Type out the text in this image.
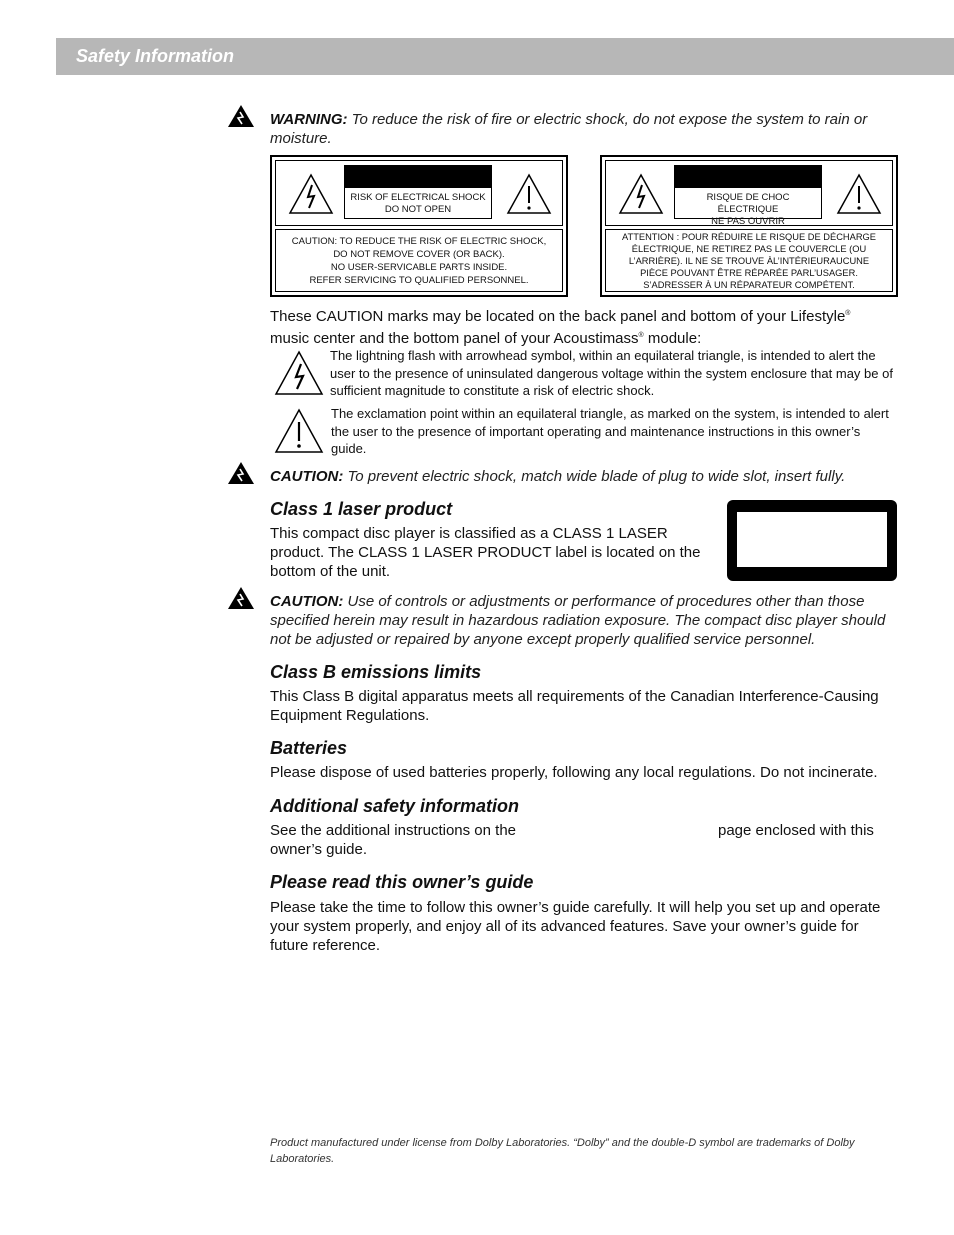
Safety Information
WARNING: To reduce the risk of fire or electric shock, do not expose the system to rain or moisture.
RISK OF ELECTRICAL SHOCK
DO NOT OPEN
CAUTION: TO REDUCE THE RISK OF ELECTRIC SHOCK,
DO NOT REMOVE COVER (OR BACK).
NO USER-SERVICABLE PARTS INSIDE.
REFER SERVICING TO QUALIFIED PERSONNEL.
RISQUE DE CHOC ÉLECTRIQUE
NE PAS OUVRIR
ATTENTION : POUR RÉDUIRE LE RISQUE DE DÉCHARGE
ÉLECTRIQUE, NE RETIREZ PAS LE COUVERCLE (OU
L’ARRIÈRE). IL NE SE TROUVE ÀL’INTÉRIEURAUCUNE
PIÈCE POUVANT ÊTRE RÉPARÉE PARL’USAGER.
S’ADRESSER À UN RÉPARATEUR COMPÉTENT.
These CAUTION marks may be located on the back panel and bottom of your Lifestyle®
music center and the bottom panel of your Acoustimass® module:
The lightning flash with arrowhead symbol, within an equilateral triangle, is intended to alert the user to the presence of uninsulated dangerous voltage within the system enclosure that may be of sufficient magnitude to constitute a risk of electric shock.
The exclamation point within an equilateral triangle, as marked on the system, is intended to alert the user to the presence of important operating and maintenance instructions in this owner’s guide.
CAUTION: To prevent electric shock, match wide blade of plug to wide slot, insert fully.
Class 1 laser product
This compact disc player is classified as a CLASS 1 LASER product. The CLASS 1 LASER PRODUCT label is located on the bottom of the unit.
CAUTION: Use of controls or adjustments or performance of procedures other than those specified herein may result in hazardous radiation exposure. The compact disc player should not be adjusted or repaired by anyone except properly qualified service personnel.
Class B emissions limits
This Class B digital apparatus meets all requirements of the Canadian Interference-Causing Equipment Regulations.
Batteries
Please dispose of used batteries properly, following any local regulations. Do not incinerate.
Additional safety information
See the additional instructions on the	page enclosed with this
owner’s guide.
Please read this owner’s guide
Please take the time to follow this owner’s guide carefully. It will help you set up and operate your system properly, and enjoy all of its advanced features. Save your owner’s guide for future reference.
Product manufactured under license from Dolby Laboratories. “Dolby” and the double-D symbol are trademarks of Dolby Laboratories.
